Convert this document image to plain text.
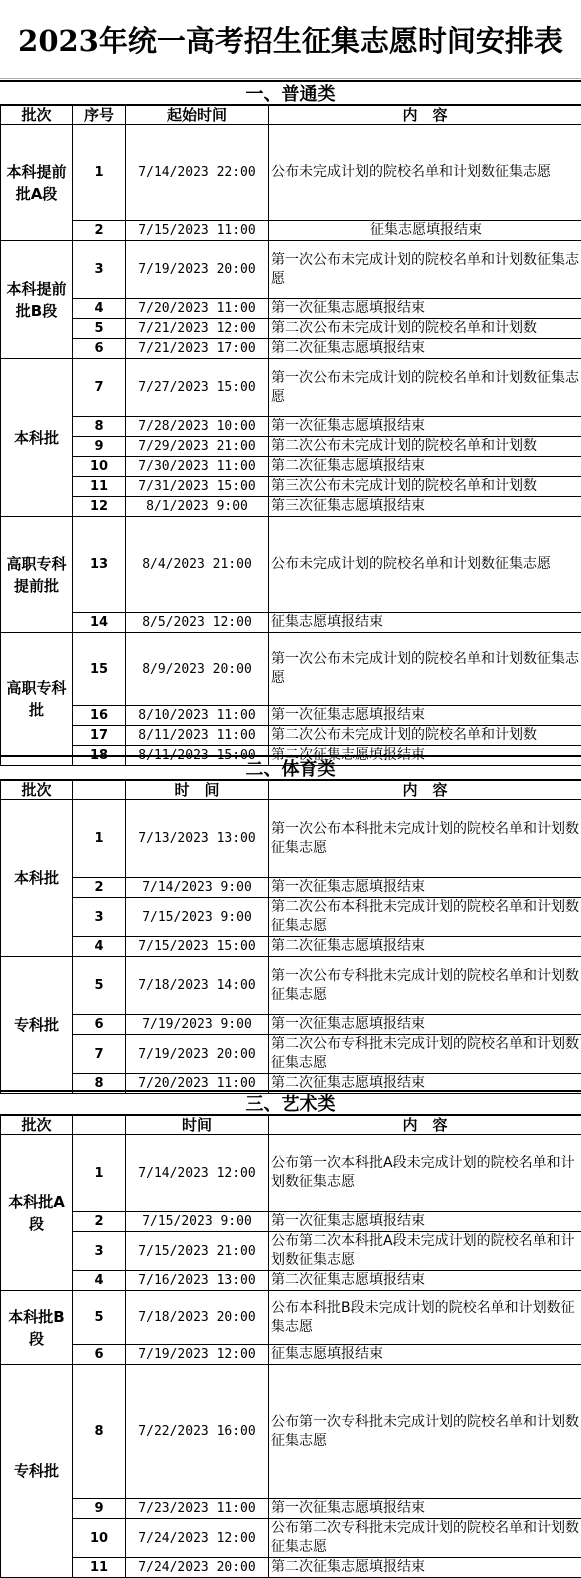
2023年统一高考招生征集志愿时间安排表
一、普通类
批次	序号	起始时间	内　容
本科提前批A段	1	7/14/2023 22:00	公布未完成计划的院校名单和计划数征集志愿
	2	7/15/2023 11:00	征集志愿填报结束
本科提前批B段	3	7/19/2023 20:00	第一次公布未完成计划的院校名单和计划数征集志愿
	4	7/20/2023 11:00	第一次征集志愿填报结束
	5	7/21/2023 12:00	第二次公布未完成计划的院校名单和计划数
	6	7/21/2023 17:00	第二次征集志愿填报结束
本科批	7	7/27/2023 15:00	第一次公布未完成计划的院校名单和计划数征集志愿
	8	7/28/2023 10:00	第一次征集志愿填报结束
	9	7/29/2023 21:00	第二次公布未完成计划的院校名单和计划数
	10	7/30/2023 11:00	第二次征集志愿填报结束
	11	7/31/2023 15:00	第三次公布未完成计划的院校名单和计划数
	12	8/1/2023 9:00	第三次征集志愿填报结束
高职专科提前批	13	8/4/2023 21:00	公布未完成计划的院校名单和计划数征集志愿
	14	8/5/2023 12:00	征集志愿填报结束
高职专科批	15	8/9/2023 20:00	第一次公布未完成计划的院校名单和计划数征集志愿
	16	8/10/2023 11:00	第一次征集志愿填报结束
	17	8/11/2023 11:00	第二次公布未完成计划的院校名单和计划数
	18	8/11/2023 15:00	第二次征集志愿填报结束
二、体育类
批次		时　间	内　容
本科批	1	7/13/2023 13:00	第一次公布本科批未完成计划的院校名单和计划数征集志愿
	2	7/14/2023 9:00	第一次征集志愿填报结束
	3	7/15/2023 9:00	第二次公布本科批未完成计划的院校名单和计划数征集志愿
	4	7/15/2023 15:00	第二次征集志愿填报结束
专科批	5	7/18/2023 14:00	第一次公布专科批未完成计划的院校名单和计划数征集志愿
	6	7/19/2023 9:00	第一次征集志愿填报结束
	7	7/19/2023 20:00	第二次公布专科批未完成计划的院校名单和计划数征集志愿
	8	7/20/2023 11:00	第二次征集志愿填报结束
三、艺术类
批次		时间	内　容
本科批A段	1	7/14/2023 12:00	公布第一次本科批A段未完成计划的院校名单和计划数征集志愿
	2	7/15/2023 9:00	第一次征集志愿填报结束
	3	7/15/2023 21:00	公布第二次本科批A段未完成计划的院校名单和计划数征集志愿
	4	7/16/2023 13:00	第二次征集志愿填报结束
本科批B段	5	7/18/2023 20:00	公布本科批B段未完成计划的院校名单和计划数征集志愿
	6	7/19/2023 12:00	征集志愿填报结束
专科批	8	7/22/2023 16:00	公布第一次专科批未完成计划的院校名单和计划数征集志愿
	9	7/23/2023 11:00	第一次征集志愿填报结束
	10	7/24/2023 12:00	公布第二次专科批未完成计划的院校名单和计划数征集志愿
	11	7/24/2023 20:00	第二次征集志愿填报结束
